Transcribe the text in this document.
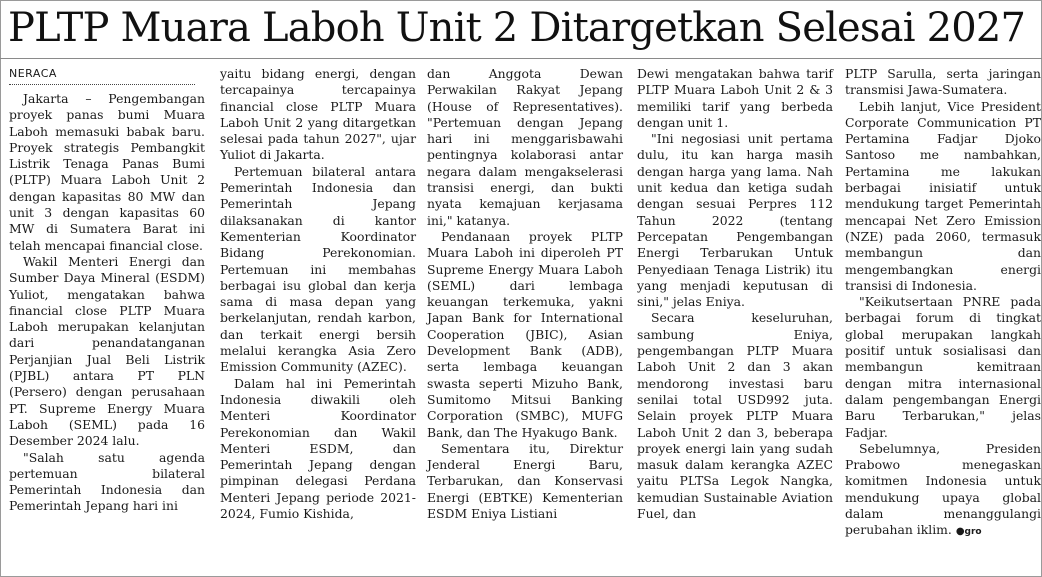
PLTP Muara Laboh Unit 2 Ditargetkan Selesai 2027
NERACA

Jakarta – Pengembangan proyek panas bumi Muara Laboh memasuki babak baru. Proyek strategis Pembangkit Listrik Tenaga Panas Bumi (PLTP) Muara Laboh Unit 2 dengan kapasitas 80 MW dan unit 3 dengan kapasitas 60 MW di Sumatera Barat ini telah mencapai financial close.

Wakil Menteri Energi dan Sumber Daya Mineral (ESDM) Yuliot, mengatakan bahwa financial close PLTP Muara Laboh merupakan kelanjutan dari penandatanganan Perjanjian Jual Beli Listrik (PJBL) antara PT PLN (Persero) dengan perusahaan PT. Supreme Energy Muara Laboh (SEML) pada 16 Desember 2024 lalu.

"Salah satu agenda pertemuan bilateral Pemerintah Indonesia dan Pemerintah Jepang hari ini

yaitu bidang energi, dengan tercapainya tercapainya financial close PLTP Muara Laboh Unit 2 yang ditargetkan selesai pada tahun 2027", ujar Yuliot di Jakarta.

Pertemuan bilateral antara Pemerintah Indonesia dan Pemerintah Jepang dilaksanakan di kantor Kementerian Koordinator Bidang Perekonomian. Pertemuan ini membahas berbagai isu global dan kerja sama di masa depan yang berkelanjutan, rendah karbon, dan terkait energi bersih melalui kerangka Asia Zero Emission Community (AZEC).

Dalam hal ini Pemerintah Indonesia diwakili oleh Menteri Koordinator Perekonomian dan Wakil Menteri ESDM, dan Pemerintah Jepang dengan pimpinan delegasi Perdana Menteri Jepang periode 2021-2024, Fumio Kishida,

dan Anggota Dewan Perwakilan Rakyat Jepang (House of Representatives). "Pertemuan dengan Jepang hari ini menggarisbawahi pentingnya kolaborasi antar negara dalam mengakselerasi transisi energi, dan bukti nyata kemajuan kerjasama ini," katanya.

Pendanaan proyek PLTP Muara Laboh ini diperoleh PT Supreme Energy Muara Laboh (SEML) dari lembaga keuangan terkemuka, yakni Japan Bank for International Cooperation (JBIC), Asian Development Bank (ADB), serta lembaga keuangan swasta seperti Mizuho Bank, Sumitomo Mitsui Banking Corporation (SMBC), MUFG Bank, dan The Hyakugo Bank.

Sementara itu, Direktur Jenderal Energi Baru, Terbarukan, dan Konservasi Energi (EBTKE) Kementerian ESDM Eniya Listiani

Dewi mengatakan bahwa tarif PLTP Muara Laboh Unit 2 & 3 memiliki tarif yang berbeda dengan unit 1.

"Ini negosiasi unit pertama dulu, itu kan harga masih dengan harga yang lama. Nah unit kedua dan ketiga sudah dengan sesuai Perpres 112 Tahun 2022 (tentang Percepatan Pengembangan Energi Terbarukan Untuk Penyediaan Tenaga Listrik) itu yang menjadi keputusan di sini," jelas Eniya.

Secara keseluruhan, sambung Eniya, pengembangan PLTP Muara Laboh Unit 2 dan 3 akan mendorong investasi baru senilai total USD992 juta. Selain proyek PLTP Muara Laboh Unit 2 dan 3, beberapa proyek energi lain yang sudah masuk dalam kerangka AZEC yaitu PLTSa Legok Nangka, kemudian Sustainable Aviation Fuel, dan

PLTP Sarulla, serta jaringan transmisi Jawa-Sumatera.

Lebih lanjut, Vice President Corporate Communication PT Pertamina Fadjar Djoko Santoso me nambahkan, Pertamina me lakukan berbagai inisiatif untuk mendukung target Pemerintah mencapai Net Zero Emission (NZE) pada 2060, termasuk membangun dan mengembangkan energi transisi di Indonesia.

"Keikutsertaan PNRE pada berbagai forum di tingkat global merupakan langkah positif untuk sosialisasi dan membangun kemitraan dengan mitra internasional dalam pengembangan Energi Baru Terbarukan," jelas Fadjar.

Sebelumnya, Presiden Prabowo menegaskan komitmen Indonesia untuk mendukung upaya global dalam menanggulangi perubahan iklim. ●gro
